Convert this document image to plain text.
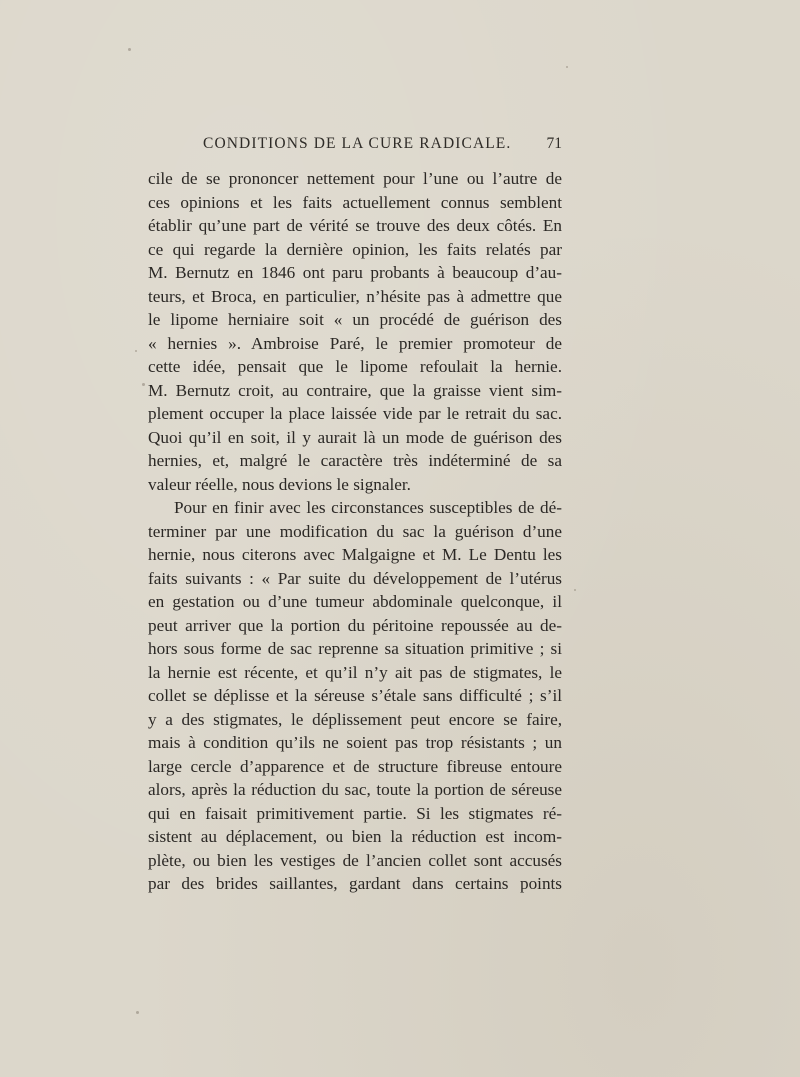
CONDITIONS DE LA CURE RADICALE. 71
cile de se prononcer nettement pour l’une ou l’autre de
ces opinions et les faits actuellement connus semblent
établir qu’une part de vérité se trouve des deux côtés. En
ce qui regarde la dernière opinion, les faits relatés par
M. Bernutz en 1846 ont paru probants à beaucoup d’au-
teurs, et Broca, en particulier, n’hésite pas à admettre que
le lipome herniaire soit « un procédé de guérison des
« hernies ». Ambroise Paré, le premier promoteur de
cette idée, pensait que le lipome refoulait la hernie.
M. Bernutz croit, au contraire, que la graisse vient sim-
plement occuper la place laissée vide par le retrait du sac.
Quoi qu’il en soit, il y aurait là un mode de guérison des
hernies, et, malgré le caractère très indéterminé de sa
valeur réelle, nous devions le signaler.
Pour en finir avec les circonstances susceptibles de dé-
terminer par une modification du sac la guérison d’une
hernie, nous citerons avec Malgaigne et M. Le Dentu les
faits suivants : « Par suite du développement de l’utérus
en gestation ou d’une tumeur abdominale quelconque, il
peut arriver que la portion du péritoine repoussée au de-
hors sous forme de sac reprenne sa situation primitive ; si
la hernie est récente, et qu’il n’y ait pas de stigmates, le
collet se déplisse et la séreuse s’étale sans difficulté ; s’il
y a des stigmates, le déplissement peut encore se faire,
mais à condition qu’ils ne soient pas trop résistants ; un
large cercle d’apparence et de structure fibreuse entoure
alors, après la réduction du sac, toute la portion de séreuse
qui en faisait primitivement partie. Si les stigmates ré-
sistent au déplacement, ou bien la réduction est incom-
plète, ou bien les vestiges de l’ancien collet sont accusés
par des brides saillantes, gardant dans certains points
